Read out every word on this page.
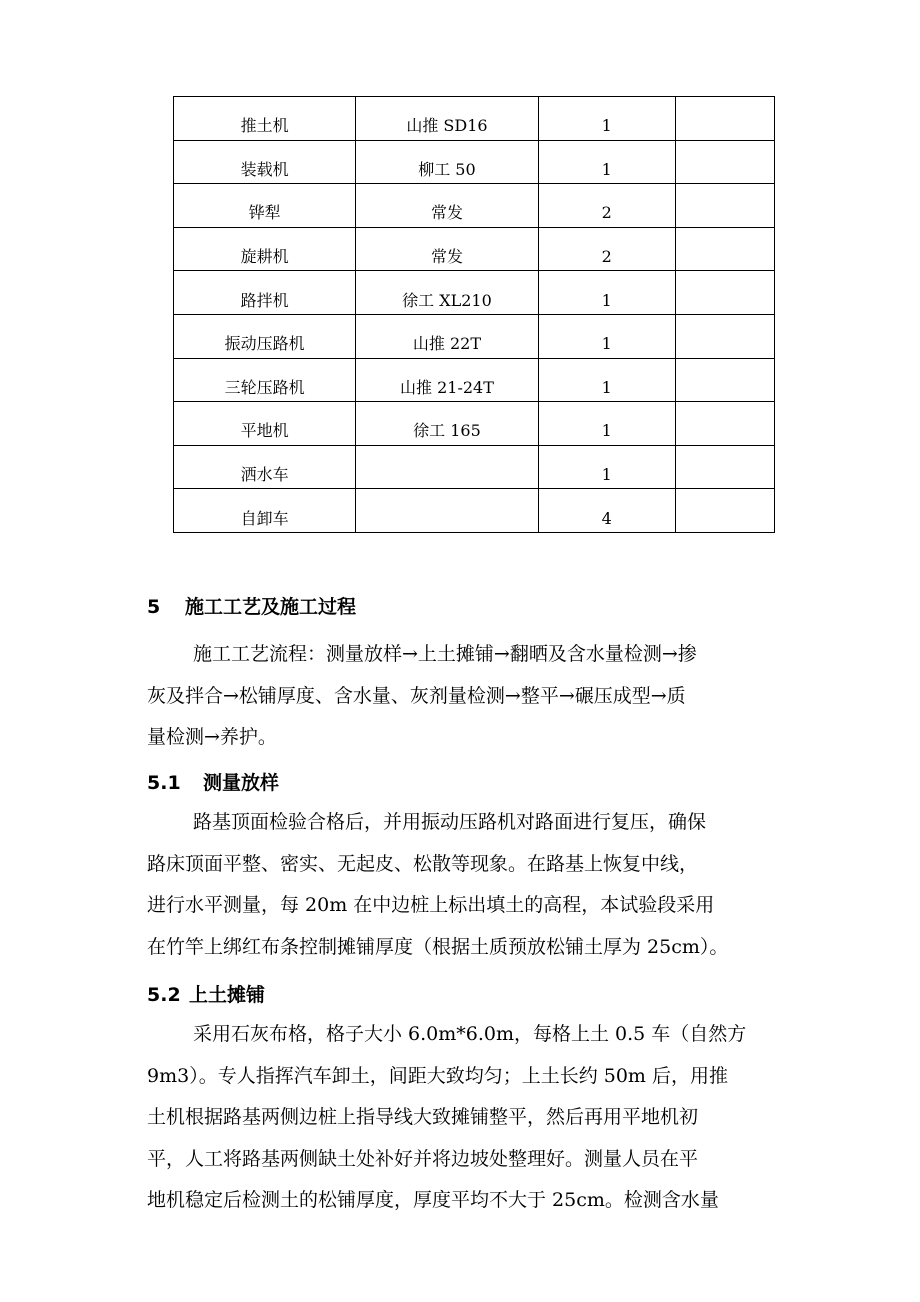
推土机	山推 SD16	1	
装载机	柳工 50	1	
铧犁	常发	2	
旋耕机	常发	2	
路拌机	徐工 XL210	1	
振动压路机	山推 22T	1	
三轮压路机	山推 21-24T	1	
平地机	徐工 165	1	
洒水车		1	
自卸车		4	
5 施工工艺及施工过程
施工工艺流程：测量放样→上土摊铺→翻晒及含水量检测→掺
灰及拌合→松铺厚度、含水量、灰剂量检测→整平→碾压成型→质
量检测→养护。
5.1 测量放样
路基顶面检验合格后，并用振动压路机对路面进行复压，确保
路床顶面平整、密实、无起皮、松散等现象。在路基上恢复中线，
进行水平测量，每 20m 在中边桩上标出填土的高程，本试验段采用
在竹竿上绑红布条控制摊铺厚度（根据土质预放松铺土厚为 25cm）。
5.2 上土摊铺
采用石灰布格，格子大小 6.0m*6.0m，每格上土 0.5 车（自然方
9m3）。专人指挥汽车卸土，间距大致均匀；上土长约 50m 后，用推
土机根据路基两侧边桩上指导线大致摊铺整平，然后再用平地机初
平，人工将路基两侧缺土处补好并将边坡处整理好。测量人员在平
地机稳定后检测土的松铺厚度，厚度平均不大于 25cm。检测含水量
